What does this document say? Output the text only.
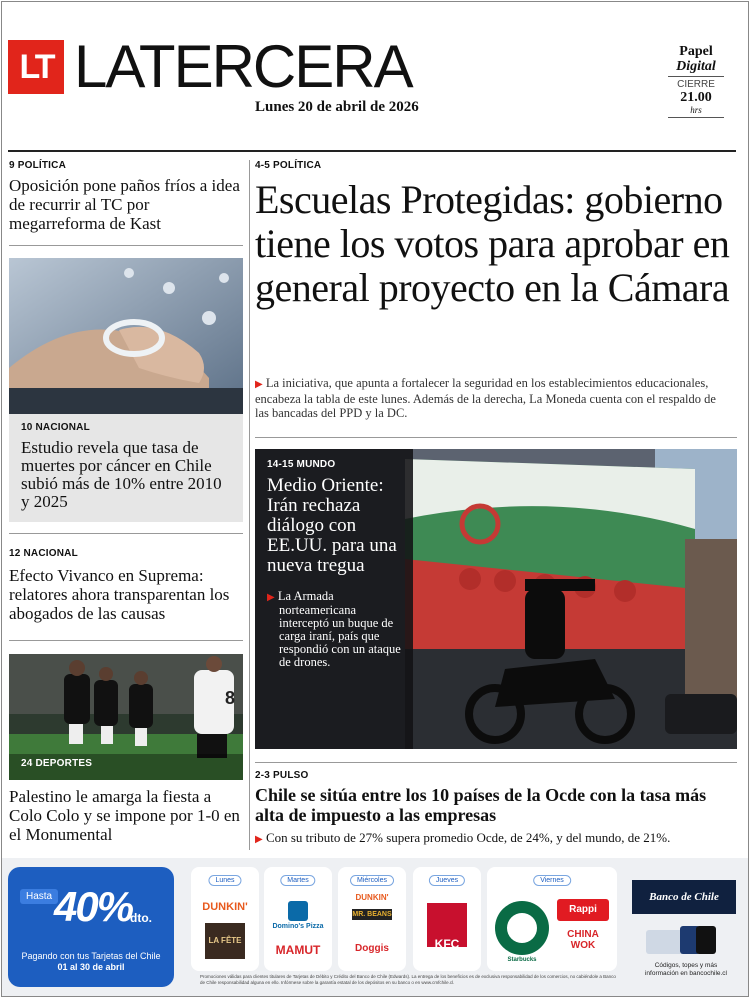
LT LATERCERA
Lunes 20 de abril de 2026
Papel
Digital
CIERRE
21.00
hrs
9 POLÍTICA
Oposición pone paños fríos a idea de recurrir al TC por megarreforma de Kast
10 NACIONAL
Estudio revela que tasa de muertes por cáncer en Chile subió más de 10% entre 2010 y 2025
12 NACIONAL
Efecto Vivanco en Suprema: relatores ahora transparentan los abogados de las causas
8
24 DEPORTES
Palestino le amarga la fiesta a Colo Colo y se impone por 1-0 en el Monumental
4-5 POLÍTICA
Escuelas Protegidas: gobierno tiene los votos para aprobar en general proyecto en la Cámara
▶ La iniciativa, que apunta a fortalecer la seguridad en los establecimientos educacionales, encabeza la tabla de este lunes. Además de la derecha, La Moneda cuenta con el respaldo de las bancadas del PPD y la DC.
14-15 MUNDO
Medio Oriente: Irán rechaza diálogo con EE.UU. para una nueva tregua

▶ La Armada norteamericana interceptó un buque de carga iraní, país que respondió con un ataque de drones.

2-3 PULSO
Chile se sitúa entre los 10 países de la Ocde con la tasa más alta de impuesto a las empresas
▶ Con su tributo de 27% supera promedio Ocde, de 24%, y del mundo, de 21%.
Hasta 40%
dto.
Pagando con tus Tarjetas del Chile
01 al 30 de abril
Lunes
DUNKIN'
LA FÊTE
Martes
Domino's Pizza
MAMUT
Miércoles
DUNKIN'
MR. BEANS
Doggis
Jueves
KFC
Viernes
Starbucks
Rappi
CHINA WOK
Promociones válidas para clientes titulares de Tarjetas de Débito y Crédito del Banco de Chile (Edwards). La entrega de los beneficios es de exclusiva responsabilidad de los comercios, no cabiéndole a Banco de Chile responsabilidad alguna en ello. Infórmese sobre la garantía estatal de los depósitos en su banco o en www.cmfchile.cl.
Banco de Chile
Códigos, topes y más información en bancochile.cl
